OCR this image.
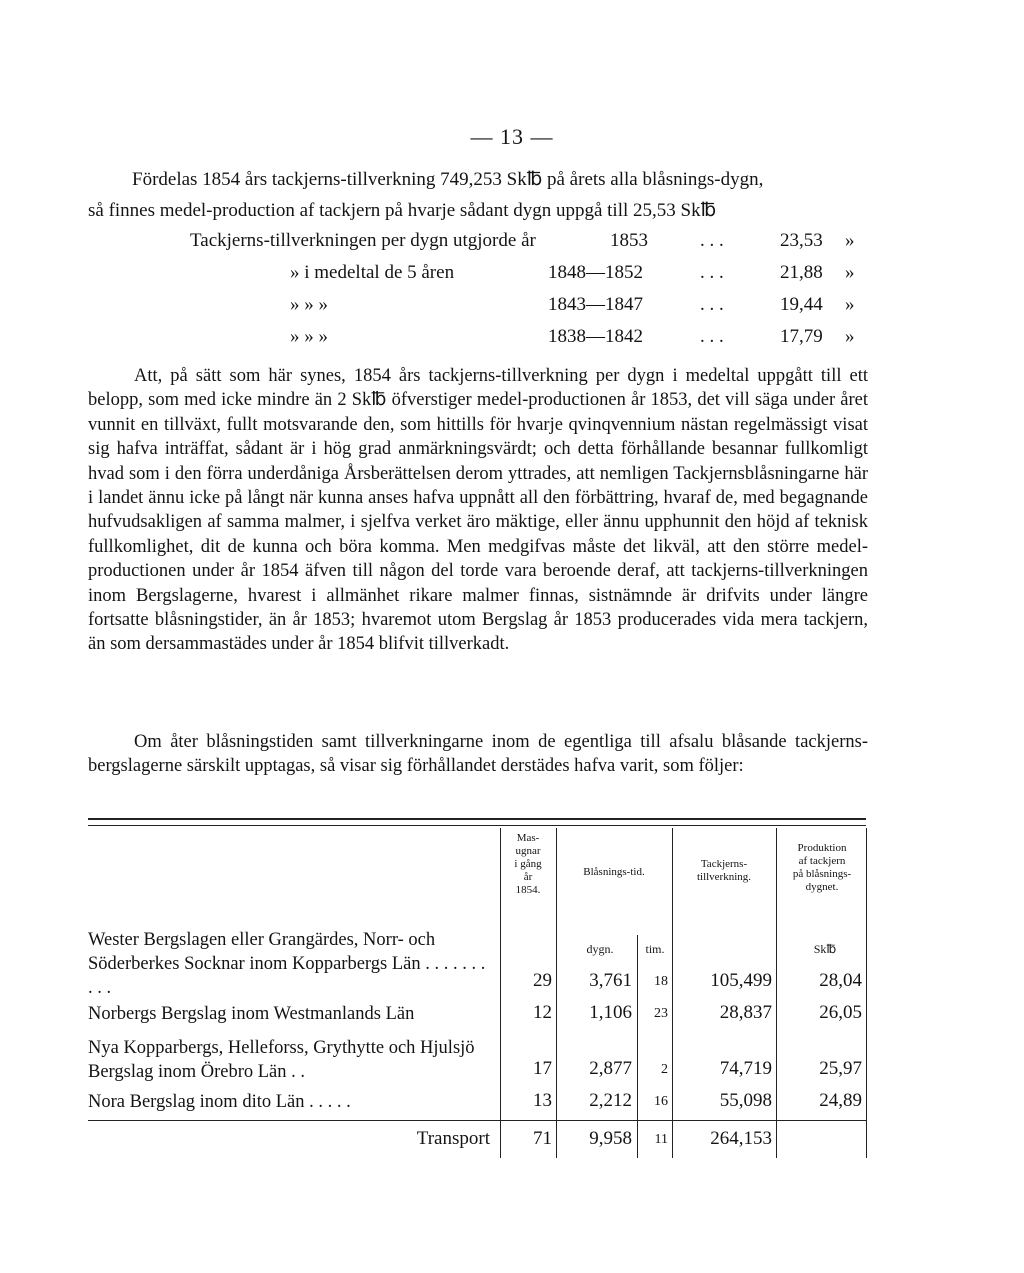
— 13 —
Fördelas 1854 års tackjerns-tillverkning 749,253 Sk℔ på årets alla blåsnings-dygn,
så finnes medel-production af tackjern på hvarje sådant dygn uppgå till 25,53 Sk℔
Tackjerns-tillverkningen per dygn utgjorde år	1853	. . .	23,53 »
» i medeltal de 5 åren	1848—1852	. . .	21,88 »
» » »	1843—1847	. . .	19,44 »
» » »	1838—1842	. . .	17,79 »
Att, på sätt som här synes, 1854 års tackjerns-tillverkning per dygn i medeltal uppgått till ett belopp, som med icke mindre än 2 Sk℔ öfverstiger medel-productionen år 1853, det vill säga under året vunnit en tillväxt, fullt motsvarande den, som hittills för hvarje qvinqvennium nästan regelmässigt visat sig hafva inträffat, sådant är i hög grad anmärkningsvärdt; och detta förhållande besannar fullkomligt hvad som i den förra underdåniga Årsberättelsen derom yttrades, att nemligen Tackjernsblåsningarne här i landet ännu icke på långt när kunna anses hafva uppnått all den förbättring, hvaraf de, med begagnande hufvudsakligen af samma malmer, i sjelfva verket äro mäktige, eller ännu upphunnit den höjd af teknisk fullkomlighet, dit de kunna och böra komma. Men medgifvas måste det likväl, att den större medel-productionen under år 1854 äfven till någon del torde vara beroende deraf, att tackjerns-tillverkningen inom Bergslagerne, hvarest i allmänhet rikare malmer finnas, sistnämnde är drifvits under längre fortsatte blåsningstider, än år 1853; hvaremot utom Bergslag år 1853 producerades vida mera tackjern, än som dersammastädes under år 1854 blifvit tillverkadt.
Om åter blåsningstiden samt tillverkningarne inom de egentliga till afsalu blåsande tackjerns-bergslagerne särskilt upptagas, så visar sig förhållandet derstädes hafva varit, som följer:
Mas-
ugnar
i gång
år
1854.
Blåsnings-tid.
Tackjerns-
tillverkning.
Produktion
af tackjern
på blåsnings-
dygnet.
dygn.	tim.	Sk℔
Wester Bergslagen eller Grangärdes, Norr- och Söderberkes Socknar inom Kopparbergs Län . . . . . . . . . .	29	3,761	18	105,499	28,04
Norbergs Bergslag inom Westmanlands Län	12	1,106	23	28,837	26,05
Nya Kopparbergs, Helleforss, Grythytte och Hjulsjö Bergslag inom Örebro Län . .	17	2,877	2	74,719	25,97
Nora Bergslag inom dito Län . . . . .	13	2,212	16	55,098	24,89
Transport	71	9,958	11	264,153
